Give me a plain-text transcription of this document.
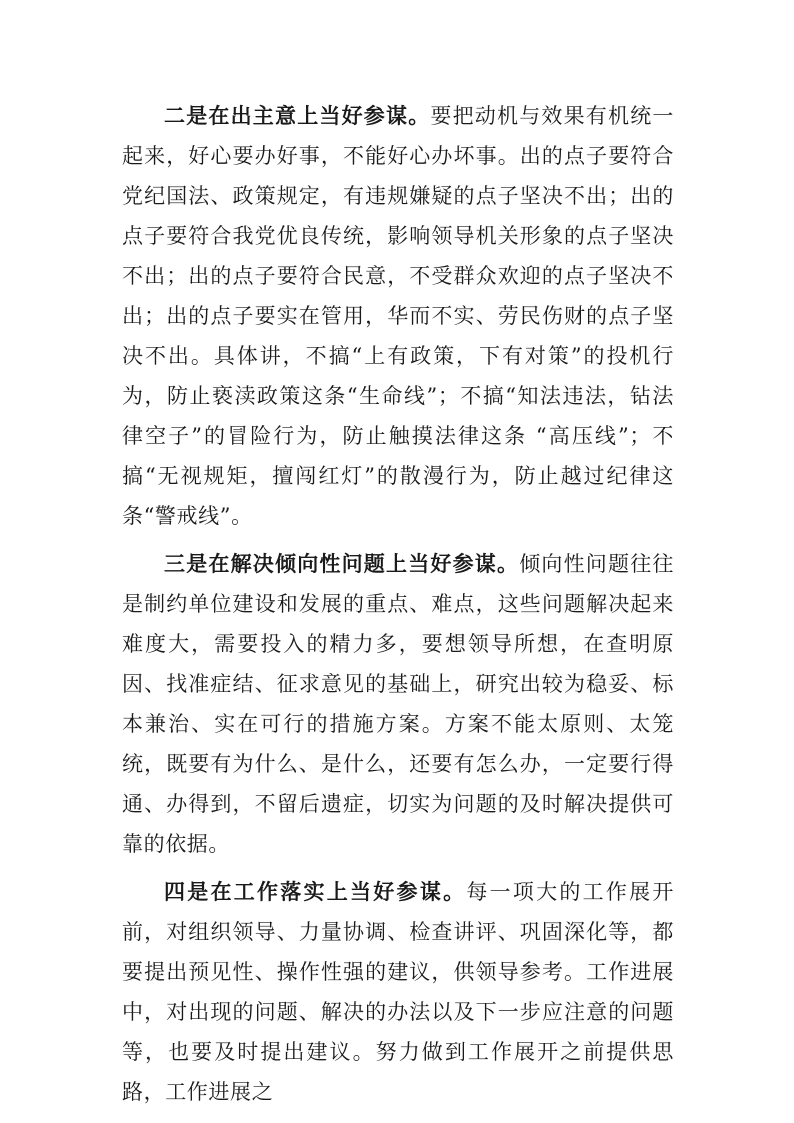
二是在出主意上当好参谋。要把动机与效果有机统一起来，好心要办好事，不能好心办坏事。出的点子要符合党纪国法、政策规定，有违规嫌疑的点子坚决不出；出的点子要符合我党优良传统，影响领导机关形象的点子坚决不出；出的点子要符合民意，不受群众欢迎的点子坚决不出；出的点子要实在管用，华而不实、劳民伤财的点子坚决不出。具体讲，不搞“上有政策，下有对策”的投机行为，防止亵渎政策这条“生命线”；不搞“知法违法，钻法律空子”的冒险行为，防止触摸法律这条 “高压线”；不搞“无视规矩，擅闯红灯”的散漫行为，防止越过纪律这条“警戒线”。

三是在解决倾向性问题上当好参谋。倾向性问题往往是制约单位建设和发展的重点、难点，这些问题解决起来难度大，需要投入的精力多，要想领导所想，在查明原因、找准症结、征求意见的基础上，研究出较为稳妥、标本兼治、实在可行的措施方案。方案不能太原则、太笼统，既要有为什么、是什么，还要有怎么办，一定要行得通、办得到，不留后遗症，切实为问题的及时解决提供可靠的依据。

四是在工作落实上当好参谋。每一项大的工作展开前，对组织领导、力量协调、检查讲评、巩固深化等，都要提出预见性、操作性强的建议，供领导参考。工作进展中，对出现的问题、解决的办法以及下一步应注意的问题等，也要及时提出建议。努力做到工作展开之前提供思路，工作进展之
